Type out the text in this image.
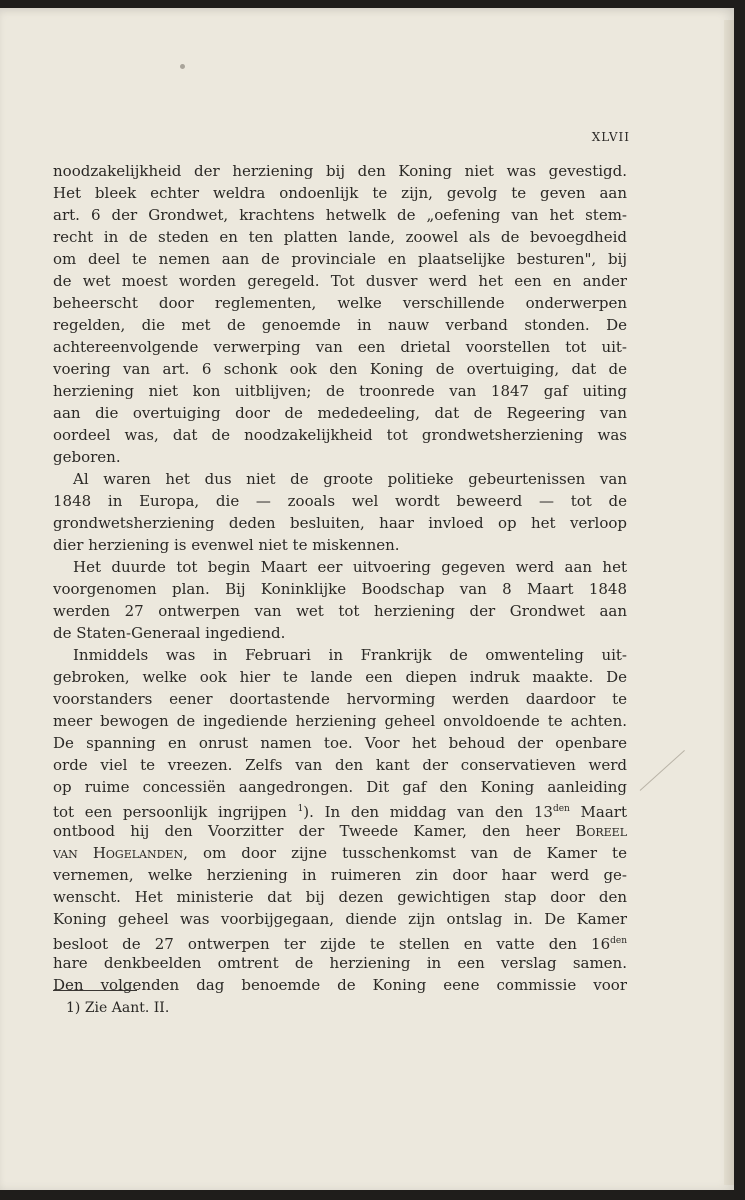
XLVII
noodzakelijkheid der herziening bij den Koning niet was gevestigd.
Het bleek echter weldra ondoenlijk te zijn, gevolg te geven aan
art. 6 der Grondwet, krachtens hetwelk de „oefening van het stem-
recht in de steden en ten platten lande, zoowel als de bevoegdheid
om deel te nemen aan de provinciale en plaatselijke besturen", bij
de wet moest worden geregeld. Tot dusver werd het een en ander
beheerscht door reglementen, welke verschillende onderwerpen
regelden, die met de genoemde in nauw verband stonden. De
achtereenvolgende verwerping van een drietal voorstellen tot uit-
voering van art. 6 schonk ook den Koning de overtuiging, dat de
herziening niet kon uitblijven; de troonrede van 1847 gaf uiting
aan die overtuiging door de mededeeling, dat de Regeering van
oordeel was, dat de noodzakelijkheid tot grondwetsherziening was
geboren.
Al waren het dus niet de groote politieke gebeurtenissen van
1848 in Europa, die — zooals wel wordt beweerd — tot de
grondwetsherziening deden besluiten, haar invloed op het verloop
dier herziening is evenwel niet te miskennen.
Het duurde tot begin Maart eer uitvoering gegeven werd aan het
voorgenomen plan. Bij Koninklijke Boodschap van 8 Maart 1848
werden 27 ontwerpen van wet tot herziening der Grondwet aan
de Staten-Generaal ingediend.
Inmiddels was in Februari in Frankrijk de omwenteling uit-
gebroken, welke ook hier te lande een diepen indruk maakte. De
voorstanders eener doortastende hervorming werden daardoor te
meer bewogen de ingediende herziening geheel onvoldoende te achten.
De spanning en onrust namen toe. Voor het behoud der openbare
orde viel te vreezen. Zelfs van den kant der conservatieven werd
op ruime concessiën aangedrongen. Dit gaf den Koning aanleiding
tot een persoonlijk ingrijpen $^1$). In den middag van den $13^{den}$ Maart
ontbood hij den Voorzitter der Tweede Kamer, den heer Boreel
van Hogelanden, om door zijne tusschenkomst van de Kamer te
vernemen, welke herziening in ruimeren zin door haar werd ge-
wenscht. Het ministerie dat bij dezen gewichtigen stap door den
Koning geheel was voorbijgegaan, diende zijn ontslag in. De Kamer
besloot de 27 ontwerpen ter zijde te stellen en vatte den $16^{den}$
hare denkbeelden omtrent de herziening in een verslag samen.
Den volgenden dag benoemde de Koning eene commissie voor
1) Zie Aant. II.
